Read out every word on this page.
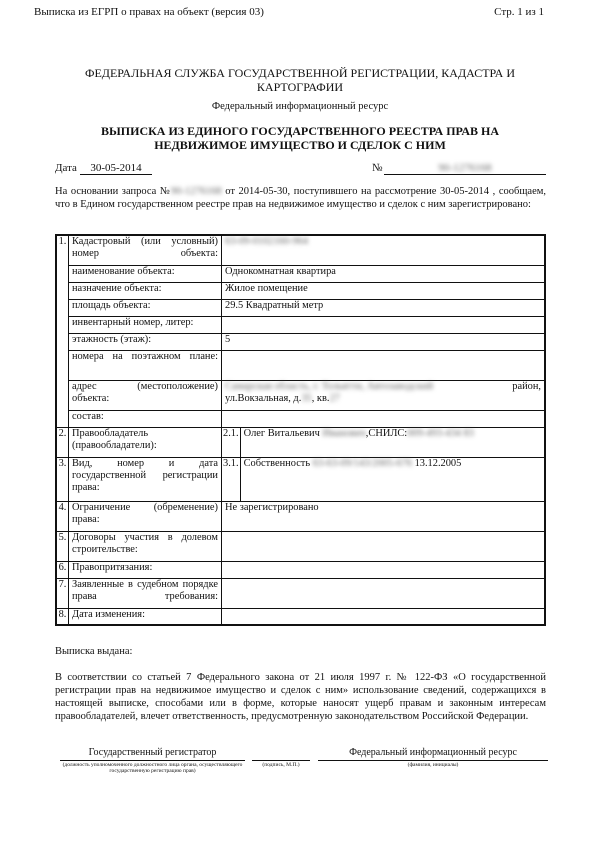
Выписка из ЕГРП о правах на объект (версия 03)	Стр. 1 из 1
ФЕДЕРАЛЬНАЯ СЛУЖБА ГОСУДАРСТВЕННОЙ РЕГИСТРАЦИИ, КАДАСТРА И
КАРТОГРАФИИ
Федеральный информационный ресурс
ВЫПИСКА ИЗ ЕДИНОГО ГОСУДАРСТВЕННОГО РЕЕСТРА ПРАВ НА
НЕДВИЖИМОЕ ИМУЩЕСТВО И СДЕЛОК С НИМ
Дата	30-05-2014	№	90-1276168
На основании запроса №90-1276168 от 2014-05-30, поступившего на рассмотрение 30-05-2014 , сообщаем, что в Едином государственном реестре прав на недвижимое имущество и сделок с ним зарегистрировано:
1.	Кадастровый (или условный) номер объекта:	63-09-0102160-964	
	наименование объекта:	Однокомнатная квартира	
	назначение объекта:	Жилое помещение	
	площадь объекта:	29.5 Квадратный метр	
	инвентарный номер, литер:		
	этажность (этаж):	5	
	номера на поэтажном плане:		
	адрес (местоположение) объекта:	Самарская область, г. Тольятти, Автозаводский район,
ул.Вокзальная, д.35, кв.27	

	состав:		
2.	Правообладатель (правообладатели):	2.1.	Олег Витальевич Иванович,СНИЛС:009-493-434 83
3.	Вид, номер и дата государственной регистрации права:	3.1.	Собственность 63-63-09/143/2005-676 13.12.2005
4.	Ограничение (обременение) права:	Не зарегистрировано	
5.	Договоры участия в долевом строительстве:		
6.	Правопритязания:		
7.	Заявленные в судебном порядке права требования:		
8.	Дата изменения:		
Выписка выдана:
В соответствии со статьей 7 Федерального закона от 21 июля 1997 г. № 122-ФЗ «О государственной регистрации прав на недвижимое имущество и сделок с ним» использование сведений, содержащихся в настоящей выписке, способами или в форме, которые наносят ущерб правам и законным интересам правообладателей, влечет ответственность, предусмотренную законодательством Российской Федерации.
Государственный регистратор
(должность уполномоченного должностного лица органа, осуществляющего государственную регистрацию прав)
(подпись, М.П.)
Федеральный информационный ресурс
(фамилия, инициалы)
